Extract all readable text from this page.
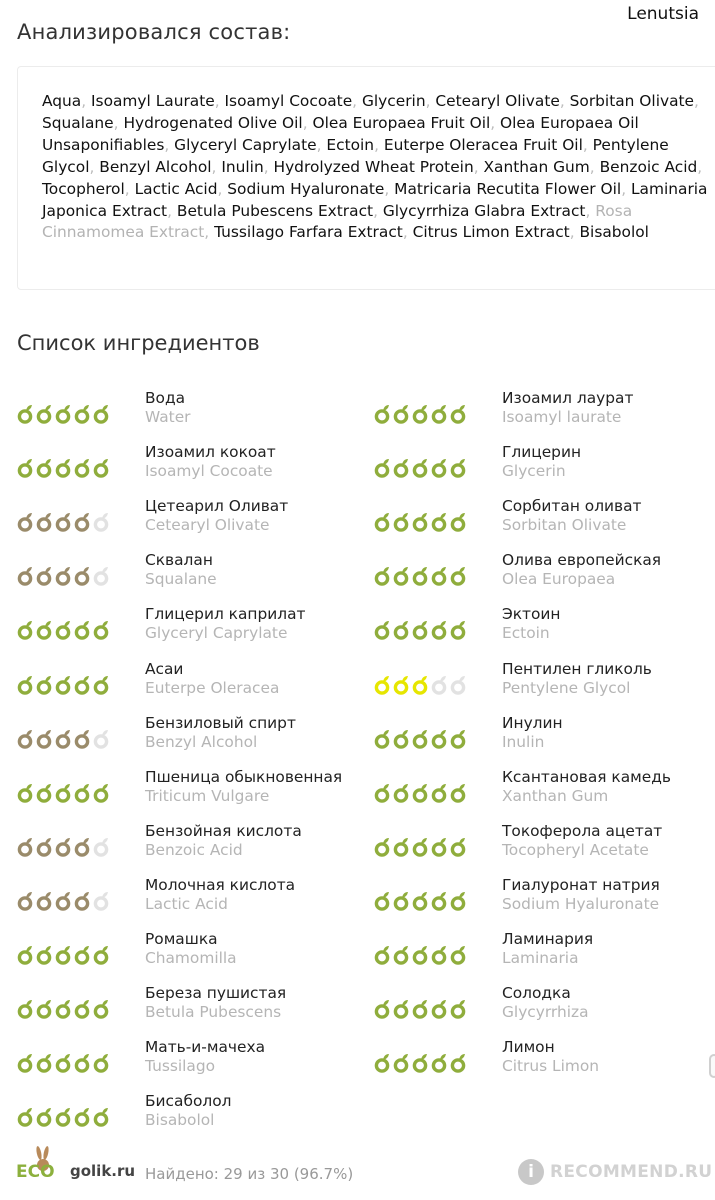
Lenutsia
Анализировался состав:
Aqua, Isoamyl Laurate, Isoamyl Cocoate, Glycerin, Cetearyl Olivate, Sorbitan Olivate, Squalane, Hydrogenated Olive Oil, Olea Europaea Fruit Oil, Olea Europaea Oil Unsaponifiables, Glyceryl Caprylate, Ectoin, Euterpe Oleracea Fruit Oil, Pentylene Glycol, Benzyl Alcohol, Inulin, Hydrolyzed Wheat Protein, Xanthan Gum, Benzoic Acid, Tocopherol, Lactic Acid, Sodium Hyaluronate, Matricaria Recutita Flower Oil, Laminaria Japonica Extract, Betula Pubescens Extract, Glycyrrhiza Glabra Extract, Rosa Cinnamomea Extract, Tussilago Farfara Extract, Citrus Limon Extract, Bisabolol
Список ингредиентов
Вода
Water
Изоамил лаурат
Isoamyl laurate
Изоамил кокоат
Isoamyl Cocoate
Глицерин
Glycerin
Цетеарил Оливат
Cetearyl Olivate
Сорбитан оливат
Sorbitan Olivate
Сквалан
Squalane
Олива европейская
Olea Europaea
Глицерил каприлат
Glyceryl Caprylate
Эктоин
Ectoin
Асаи
Euterpe Oleracea
Пентилен гликоль
Pentylene Glycol
Бензиловый спирт
Benzyl Alcohol
Инулин
Inulin
Пшеница обыкновенная
Triticum Vulgare
Ксантановая камедь
Xanthan Gum
Бензойная кислота
Benzoic Acid
Токоферола ацетат
Tocopheryl Acetate
Молочная кислота
Lactic Acid
Гиалуронат натрия
Sodium Hyaluronate
Ромашка
Chamomilla
Ламинария
Laminaria
Береза пушистая
Betula Pubescens
Солодка
Glycyrrhiza
Мать-и-мачеха
Tussilago
Лимон
Citrus Limon
Бисаболол
Bisabolol
ECO golik.ru Найдено: 29 из 30 (96.7%)	i RECOMMEND.RU
